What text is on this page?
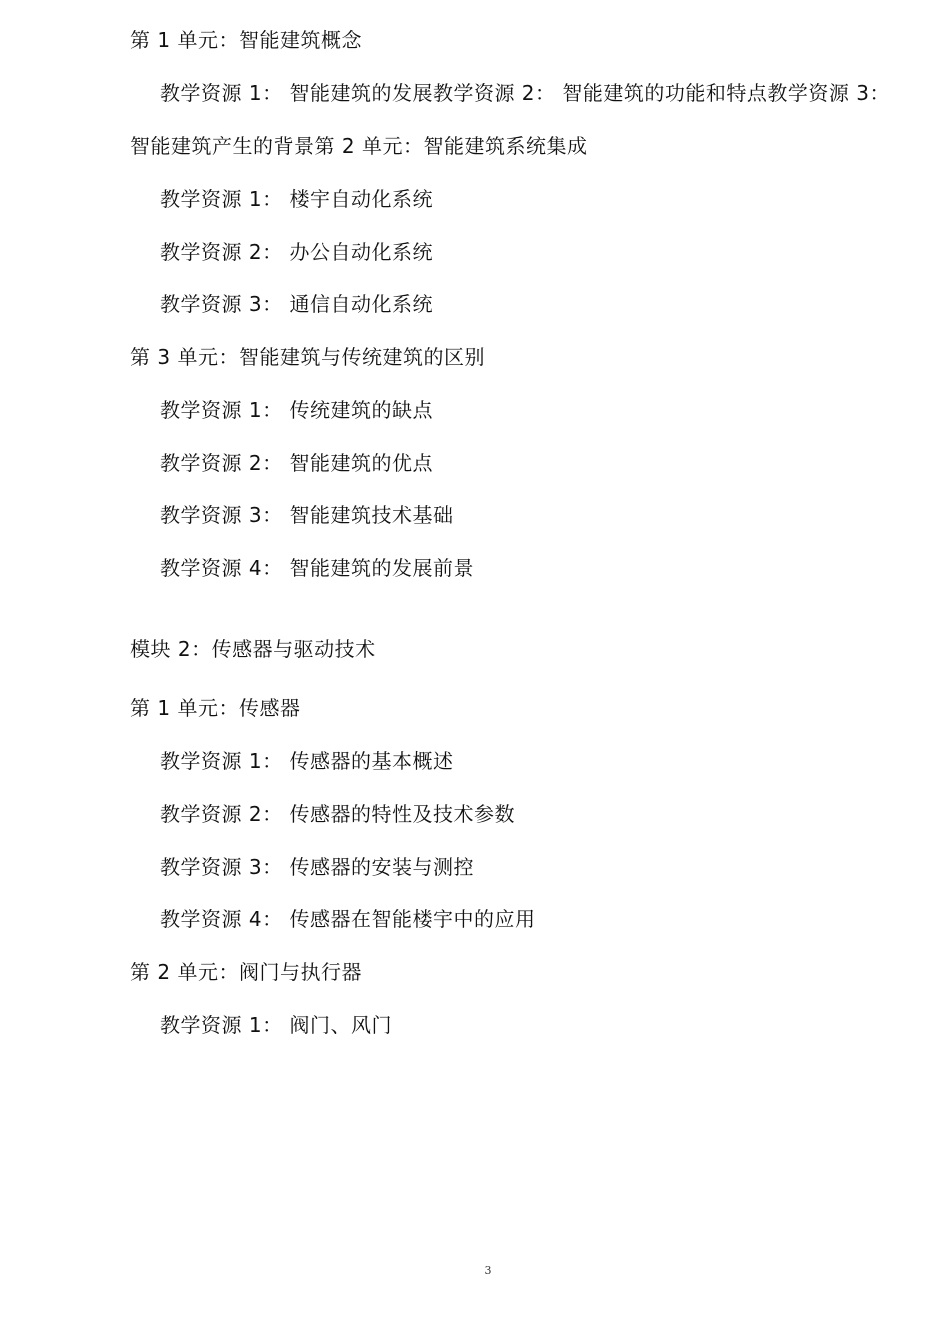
第 1 单元：智能建筑概念
教学资源 1： 智能建筑的发展教学资源 2： 智能建筑的功能和特点教学资源 3：
智能建筑产生的背景第 2 单元：智能建筑系统集成
教学资源 1： 楼宇自动化系统
教学资源 2： 办公自动化系统
教学资源 3： 通信自动化系统
第 3 单元：智能建筑与传统建筑的区别
教学资源 1： 传统建筑的缺点
教学资源 2： 智能建筑的优点
教学资源 3： 智能建筑技术基础
教学资源 4： 智能建筑的发展前景
模块 2：传感器与驱动技术
第 1 单元：传感器
教学资源 1： 传感器的基本概述
教学资源 2： 传感器的特性及技术参数
教学资源 3： 传感器的安装与测控
教学资源 4： 传感器在智能楼宇中的应用
第 2 单元：阀门与执行器
教学资源 1： 阀门、风门
3
